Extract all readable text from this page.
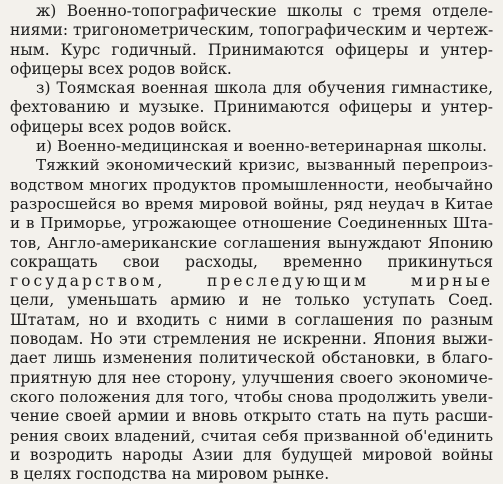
ж) Военно-топографические школы с тремя отделе-
ниями: тригонометрическим, топографическим и чертеж-
ным. Курс годичный. Принимаются офицеры и унтер-
офицеры всех родов войск.
з) Тоямская военная школа для обучения гимнастике,
фехтованию и музыке. Принимаются офицеры и унтер-
офицеры всех родов войск.
и) Военно-медицинская и военно-ветеринарная школы.
Тяжкий экономический кризис, вызванный перепроиз-
водством многих продуктов промышленности, необычайно
разросшейся во время мировой войны, ряд неудач в Китае
и в Приморье, угрожающее отношение Соединенных Шта-
тов, Англо-американские соглашения вынуждают Японию
сокращать свои расходы, временно прикинуться
государством, преследующим мирные
цели, уменьшать армию и не только уступать Соед.
Штатам, но и входить с ними в соглашения по разным
поводам. Но эти стремления не искренни. Япония выжи-
дает лишь изменения политической обстановки, в благо-
приятную для нее сторону, улучшения своего экономиче-
ского положения для того, чтобы снова продолжить увели-
чение своей армии и вновь открыто стать на путь расши-
рения своих владений, считая себя призванной об'единить
и возродить народы Азии для будущей мировой войны
в целях господства на мировом рынке.
